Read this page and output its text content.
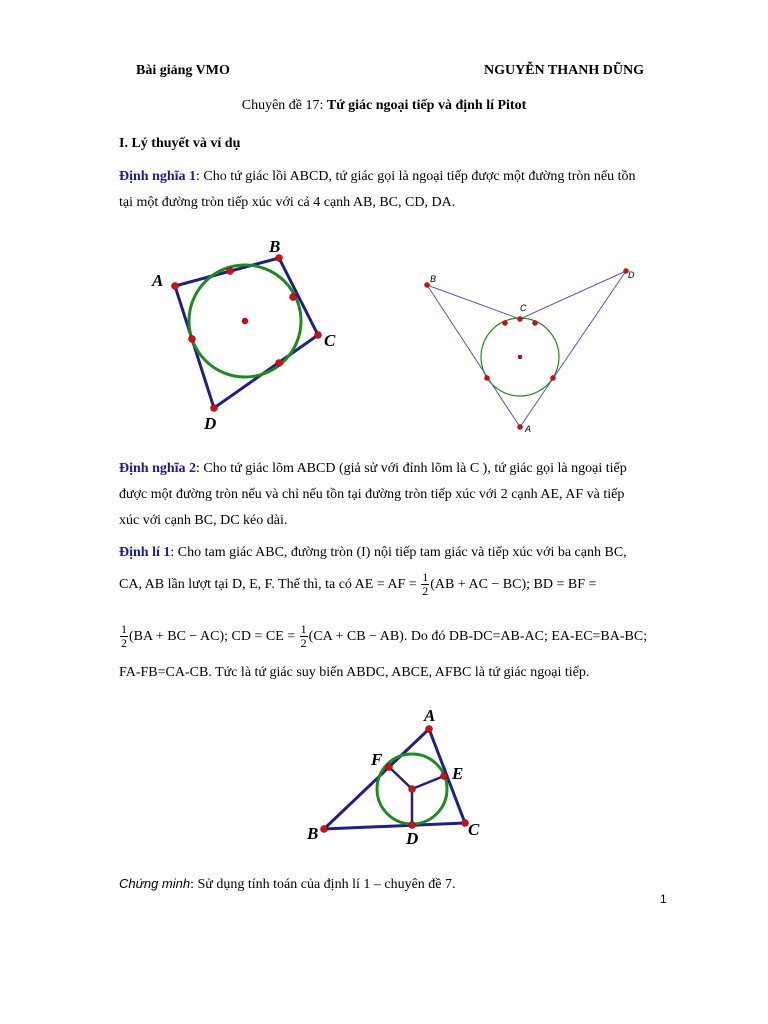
Bài giảng VMO	NGUYỄN THANH DŨNG
Chuyên đề 17: Tứ giác ngoại tiếp và định lí Pitot
I. Lý thuyết và ví dụ
Định nghĩa 1: Cho tứ giác lồi ABCD, tứ giác gọi là ngoại tiếp được một đường tròn nếu tồn
tại một đường tròn tiếp xúc với cả 4 cạnh AB, BC, CD, DA.
A
B
C
D
B	D
C
A
Định nghĩa 2: Cho tứ giác lõm ABCD (giả sử với đỉnh lõm là C ), tứ giác gọi là ngoại tiếp
được một đường tròn nếu và chỉ nếu tồn tại đường tròn tiếp xúc với 2 cạnh AE, AF và tiếp
xúc với cạnh BC, DC kéo dài.
Định lí 1: Cho tam giác ABC, đường tròn (I) nội tiếp tam giác và tiếp xúc với ba cạnh BC,
CA, AB lần lượt tại D, E, F. Thế thì, ta có AE = AF = $\frac{1}{2} (AB$ + AC − BC); BD = BF =
$\frac{1}{2} (BA$ + BC − AC); CD = CE = $\frac{1}{2} (CA$ + CB − AB). Do đó DB-DC=AB-AC; EA-EC=BA-BC;
FA-FB=CA-CB. Tức là tứ giác suy biến ABDC, ABCE, AFBC là tứ giác ngoại tiếp.
A
F
E
B	D	C
Chứng minh: Sử dụng tính toán của định lí 1 – chuyên đề 7.
1
